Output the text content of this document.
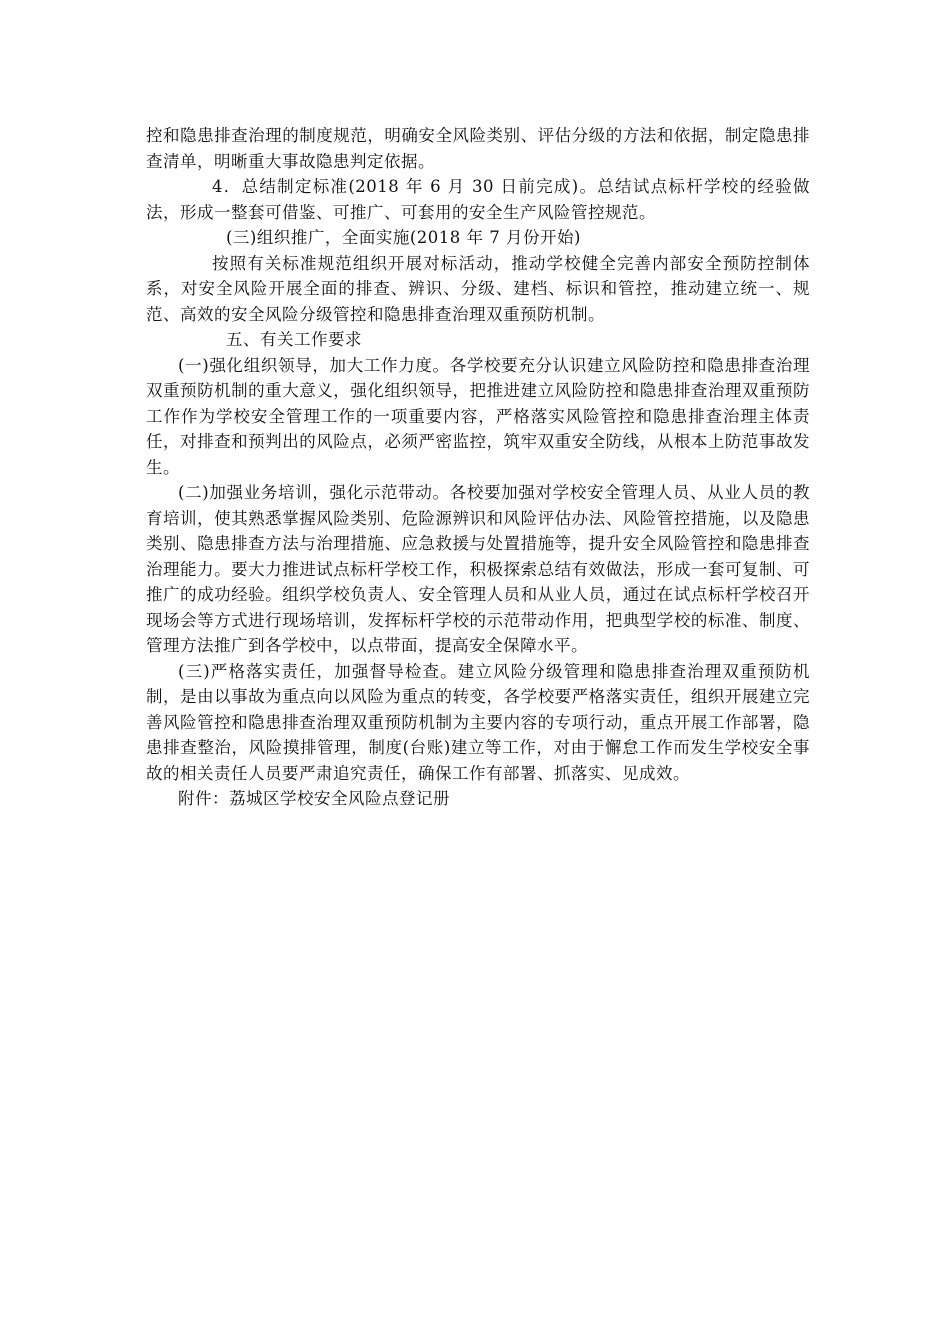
控和隐患排查治理的制度规范，明确安全风险类别、评估分级的方法和依据，制定隐患排查清单，明晰重大事故隐患判定依据。

4．总结制定标准(2018 年 6 月 30 日前完成)。总结试点标杆学校的经验做法，形成一整套可借鉴、可推广、可套用的安全生产风险管控规范。

(三)组织推广，全面实施(2018 年 7 月份开始)

按照有关标准规范组织开展对标活动，推动学校健全完善内部安全预防控制体系，对安全风险开展全面的排查、辨识、分级、建档、标识和管控，推动建立统一、规范、高效的安全风险分级管控和隐患排查治理双重预防机制。

五、有关工作要求

(一)强化组织领导，加大工作力度。各学校要充分认识建立风险防控和隐患排查治理双重预防机制的重大意义，强化组织领导，把推进建立风险防控和隐患排查治理双重预防工作作为学校安全管理工作的一项重要内容，严格落实风险管控和隐患排查治理主体责任，对排查和预判出的风险点，必须严密监控，筑牢双重安全防线，从根本上防范事故发生。

(二)加强业务培训，强化示范带动。各校要加强对学校安全管理人员、从业人员的教育培训，使其熟悉掌握风险类别、危险源辨识和风险评估办法、风险管控措施，以及隐患类别、隐患排查方法与治理措施、应急救援与处置措施等，提升安全风险管控和隐患排查治理能力。要大力推进试点标杆学校工作，积极探索总结有效做法，形成一套可复制、可推广的成功经验。组织学校负责人、安全管理人员和从业人员，通过在试点标杆学校召开现场会等方式进行现场培训，发挥标杆学校的示范带动作用，把典型学校的标准、制度、管理方法推广到各学校中，以点带面，提高安全保障水平。

(三)严格落实责任，加强督导检查。建立风险分级管理和隐患排查治理双重预防机制，是由以事故为重点向以风险为重点的转变，各学校要严格落实责任，组织开展建立完善风险管控和隐患排查治理双重预防机制为主要内容的专项行动，重点开展工作部署，隐患排查整治，风险摸排管理，制度(台账)建立等工作，对由于懈怠工作而发生学校安全事故的相关责任人员要严肃追究责任，确保工作有部署、抓落实、见成效。

附件：荔城区学校安全风险点登记册
